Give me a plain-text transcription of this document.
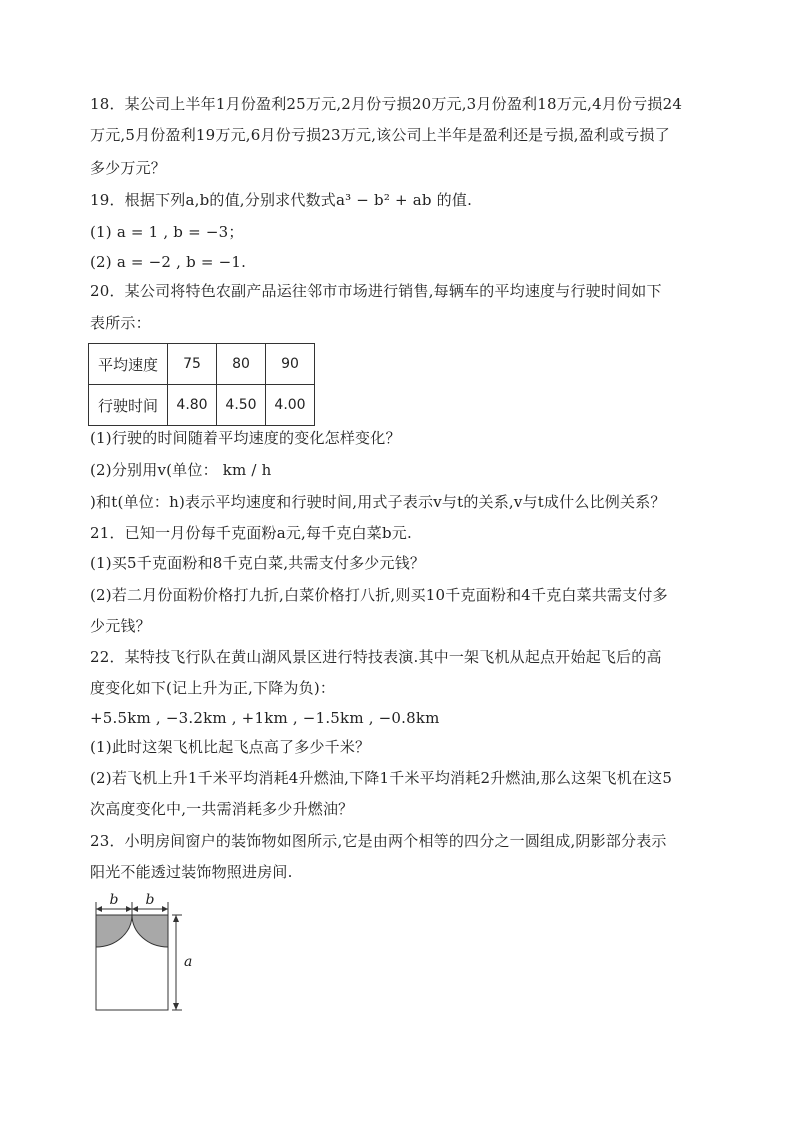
18．某公司上半年1月份盈利25万元,2月份亏损20万元,3月份盈利18万元,4月份亏损24
万元,5月份盈利19万元,6月份亏损23万元,该公司上半年是盈利还是亏损,盈利或亏损了
多少万元？
19．根据下列a,b的值,分别求代数式a³ − b² + ab 的值.
(1) a = 1 , b = −3；
(2) a = −2 , b = −1.
20．某公司将特色农副产品运往邻市市场进行销售,每辆车的平均速度与行驶时间如下
表所示：
平均速度	75	80	90
行驶时间	4.80	4.50	4.00
(1)行驶的时间随着平均速度的变化怎样变化？
(2)分别用v(单位： km / h
)和t(单位：h)表示平均速度和行驶时间,用式子表示v与t的关系,v与t成什么比例关系？
21．已知一月份每千克面粉a元,每千克白菜b元.
(1)买5千克面粉和8千克白菜,共需支付多少元钱？
(2)若二月份面粉价格打九折,白菜价格打八折,则买10千克面粉和4千克白菜共需支付多
少元钱？
22．某特技飞行队在黄山湖风景区进行特技表演.其中一架飞机从起点开始起飞后的高
度变化如下(记上升为正,下降为负)：
+5.5km , −3.2km , +1km , −1.5km , −0.8km
(1)此时这架飞机比起飞点高了多少千米？
(2)若飞机上升1千米平均消耗4升燃油,下降1千米平均消耗2升燃油,那么这架飞机在这5
次高度变化中,一共需消耗多少升燃油？
23．小明房间窗户的装饰物如图所示,它是由两个相等的四分之一圆组成,阴影部分表示
阳光不能透过装饰物照进房间.
b b
a
